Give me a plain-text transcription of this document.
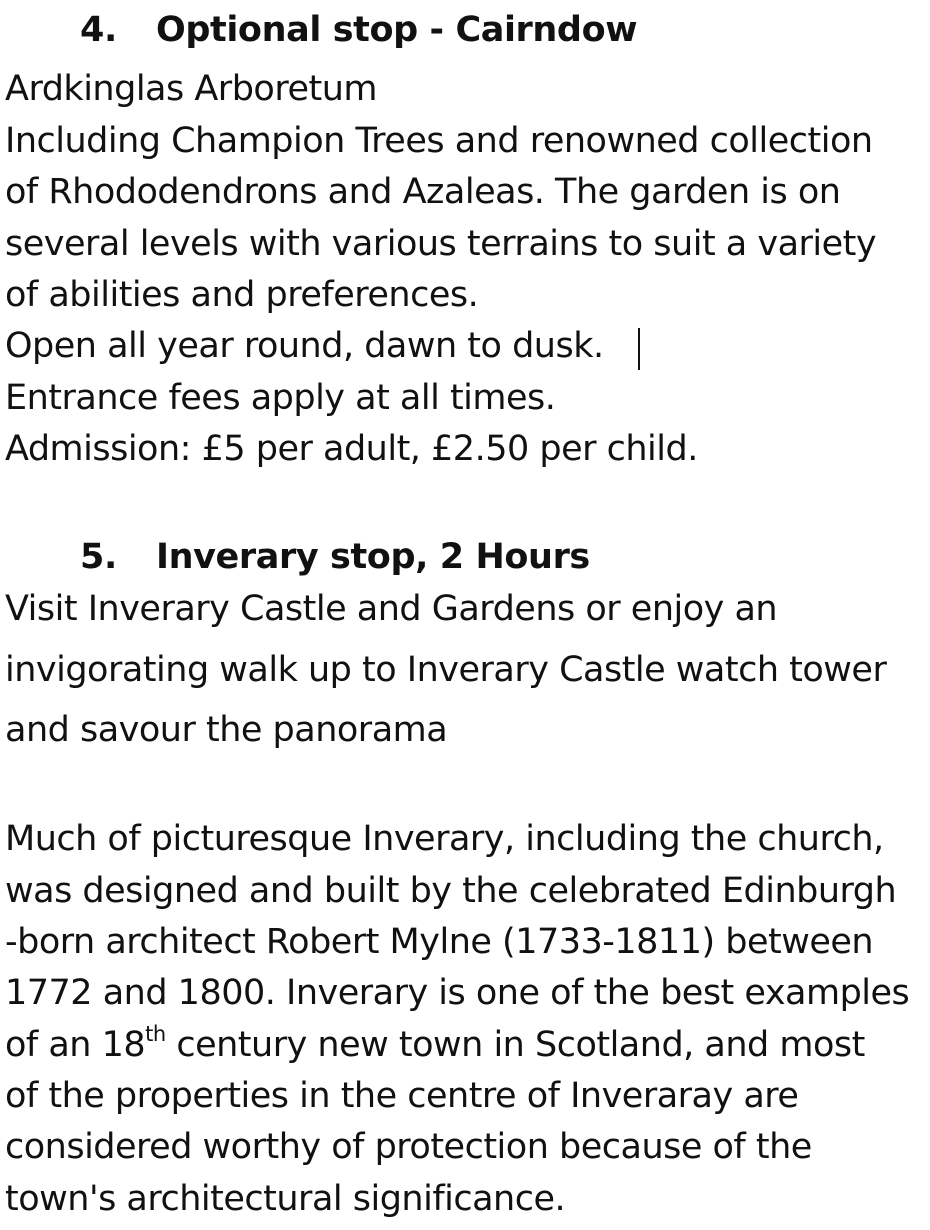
4. Optional stop - Cairndow
Ardkinglas Arboretum
Including Champion Trees and renowned collection
of Rhododendrons and Azaleas. The garden is on
several levels with various terrains to suit a variety
of abilities and preferences.
Open all year round, dawn to dusk.
Entrance fees apply at all times.
Admission: £5 per adult, £2.50 per child.
5. Inverary stop, 2 Hours
Visit Inverary Castle and Gardens or enjoy an
invigorating walk up to Inverary Castle watch tower
and savour the panorama
Much of picturesque Inverary, including the church,
was designed and built by the celebrated Edinburgh
-born architect Robert Mylne (1733-1811) between
1772 and 1800. Inverary is one of the best examples
of an 18th century new town in Scotland, and most
of the properties in the centre of Inveraray are
considered worthy of protection because of the
town's architectural significance.
